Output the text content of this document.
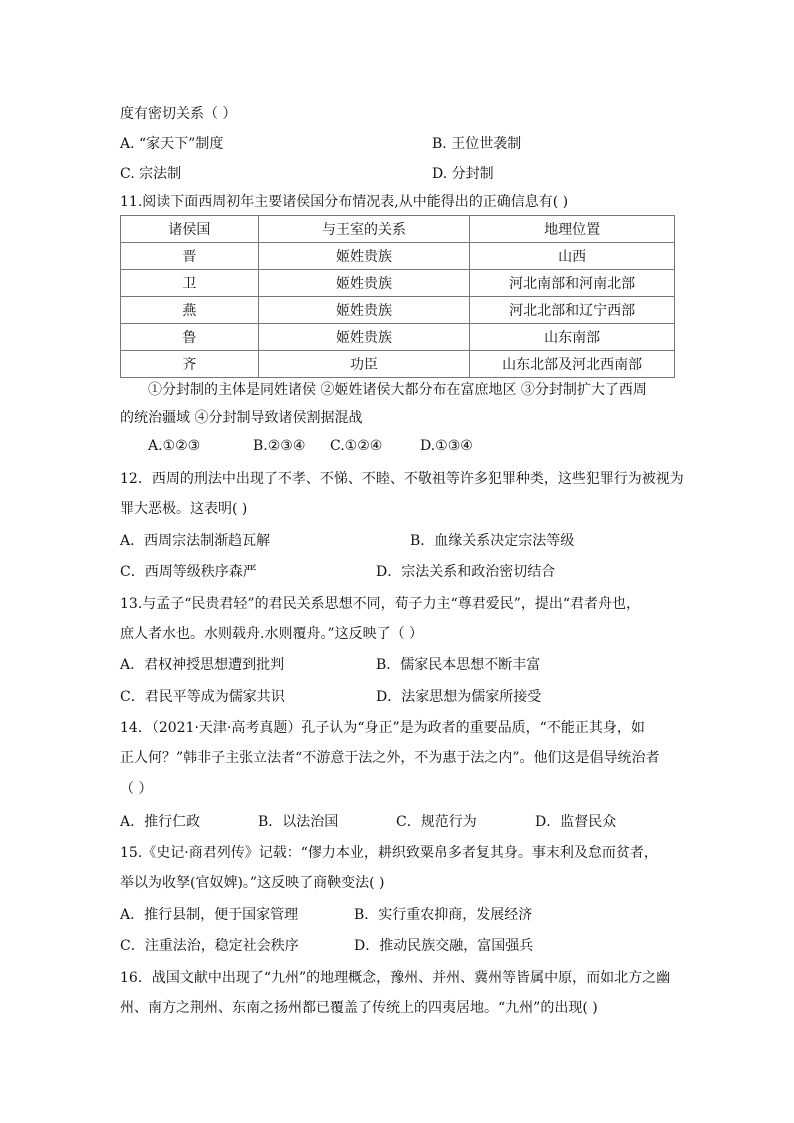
度有密切关系（ ）
A. “家天下”制度	B. 王位世袭制
C. 宗法制	D. 分封制
11.阅读下面西周初年主要诸侯国分布情况表,从中能得出的正确信息有( )
诸侯国	与王室的关系	地理位置
晋	姬姓贵族	山西
卫	姬姓贵族	河北南部和河南北部
燕	姬姓贵族	河北北部和辽宁西部
鲁	姬姓贵族	山东南部
齐	功臣	山东北部及河北西南部
①分封制的主体是同姓诸侯 ②姬姓诸侯大都分布在富庶地区 ③分封制扩大了西周
的统治疆域 ④分封制导致诸侯割据混战
A.①②③	B.②③④ C.①②④	D.①③④
12．西周的刑法中出现了不孝、不悌、不睦、不敬祖等许多犯罪种类，这些犯罪行为被视为
罪大恶极。这表明( )
A．西周宗法制渐趋瓦解	B．血缘关系决定宗法等级
C．西周等级秩序森严	D．宗法关系和政治密切结合
13.与孟子“民贵君轻”的君民关系思想不同，荀子力主“尊君爱民”，提出“君者舟也，
庶人者水也。水则载舟.水则覆舟。”这反映了（ ）
A．君权神授思想遭到批判	B．儒家民本思想不断丰富
C．君民平等成为儒家共识	D．法家思想为儒家所接受
14．（2021·天津·高考真题）孔子认为“身正”是为政者的重要品质，“不能正其身，如
正人何？”韩非子主张立法者“不游意于法之外，不为惠于法之内”。他们这是倡导统治者
（ ）
A．推行仁政	B．以法治国	C．规范行为	D．监督民众
15.《史记·商君列传》记载：“僇力本业，耕织致粟帛多者复其身。事末利及怠而贫者，
举以为收孥(官奴婢)。”这反映了商鞅变法( )
A．推行县制，便于国家管理	B．实行重农抑商，发展经济
C．注重法治，稳定社会秩序	D．推动民族交融，富国强兵
16．战国文献中出现了“九州”的地理概念，豫州、并州、冀州等皆属中原，而如北方之幽
州、南方之荆州、东南之扬州都已覆盖了传统上的四夷居地。“九州”的出现( )
